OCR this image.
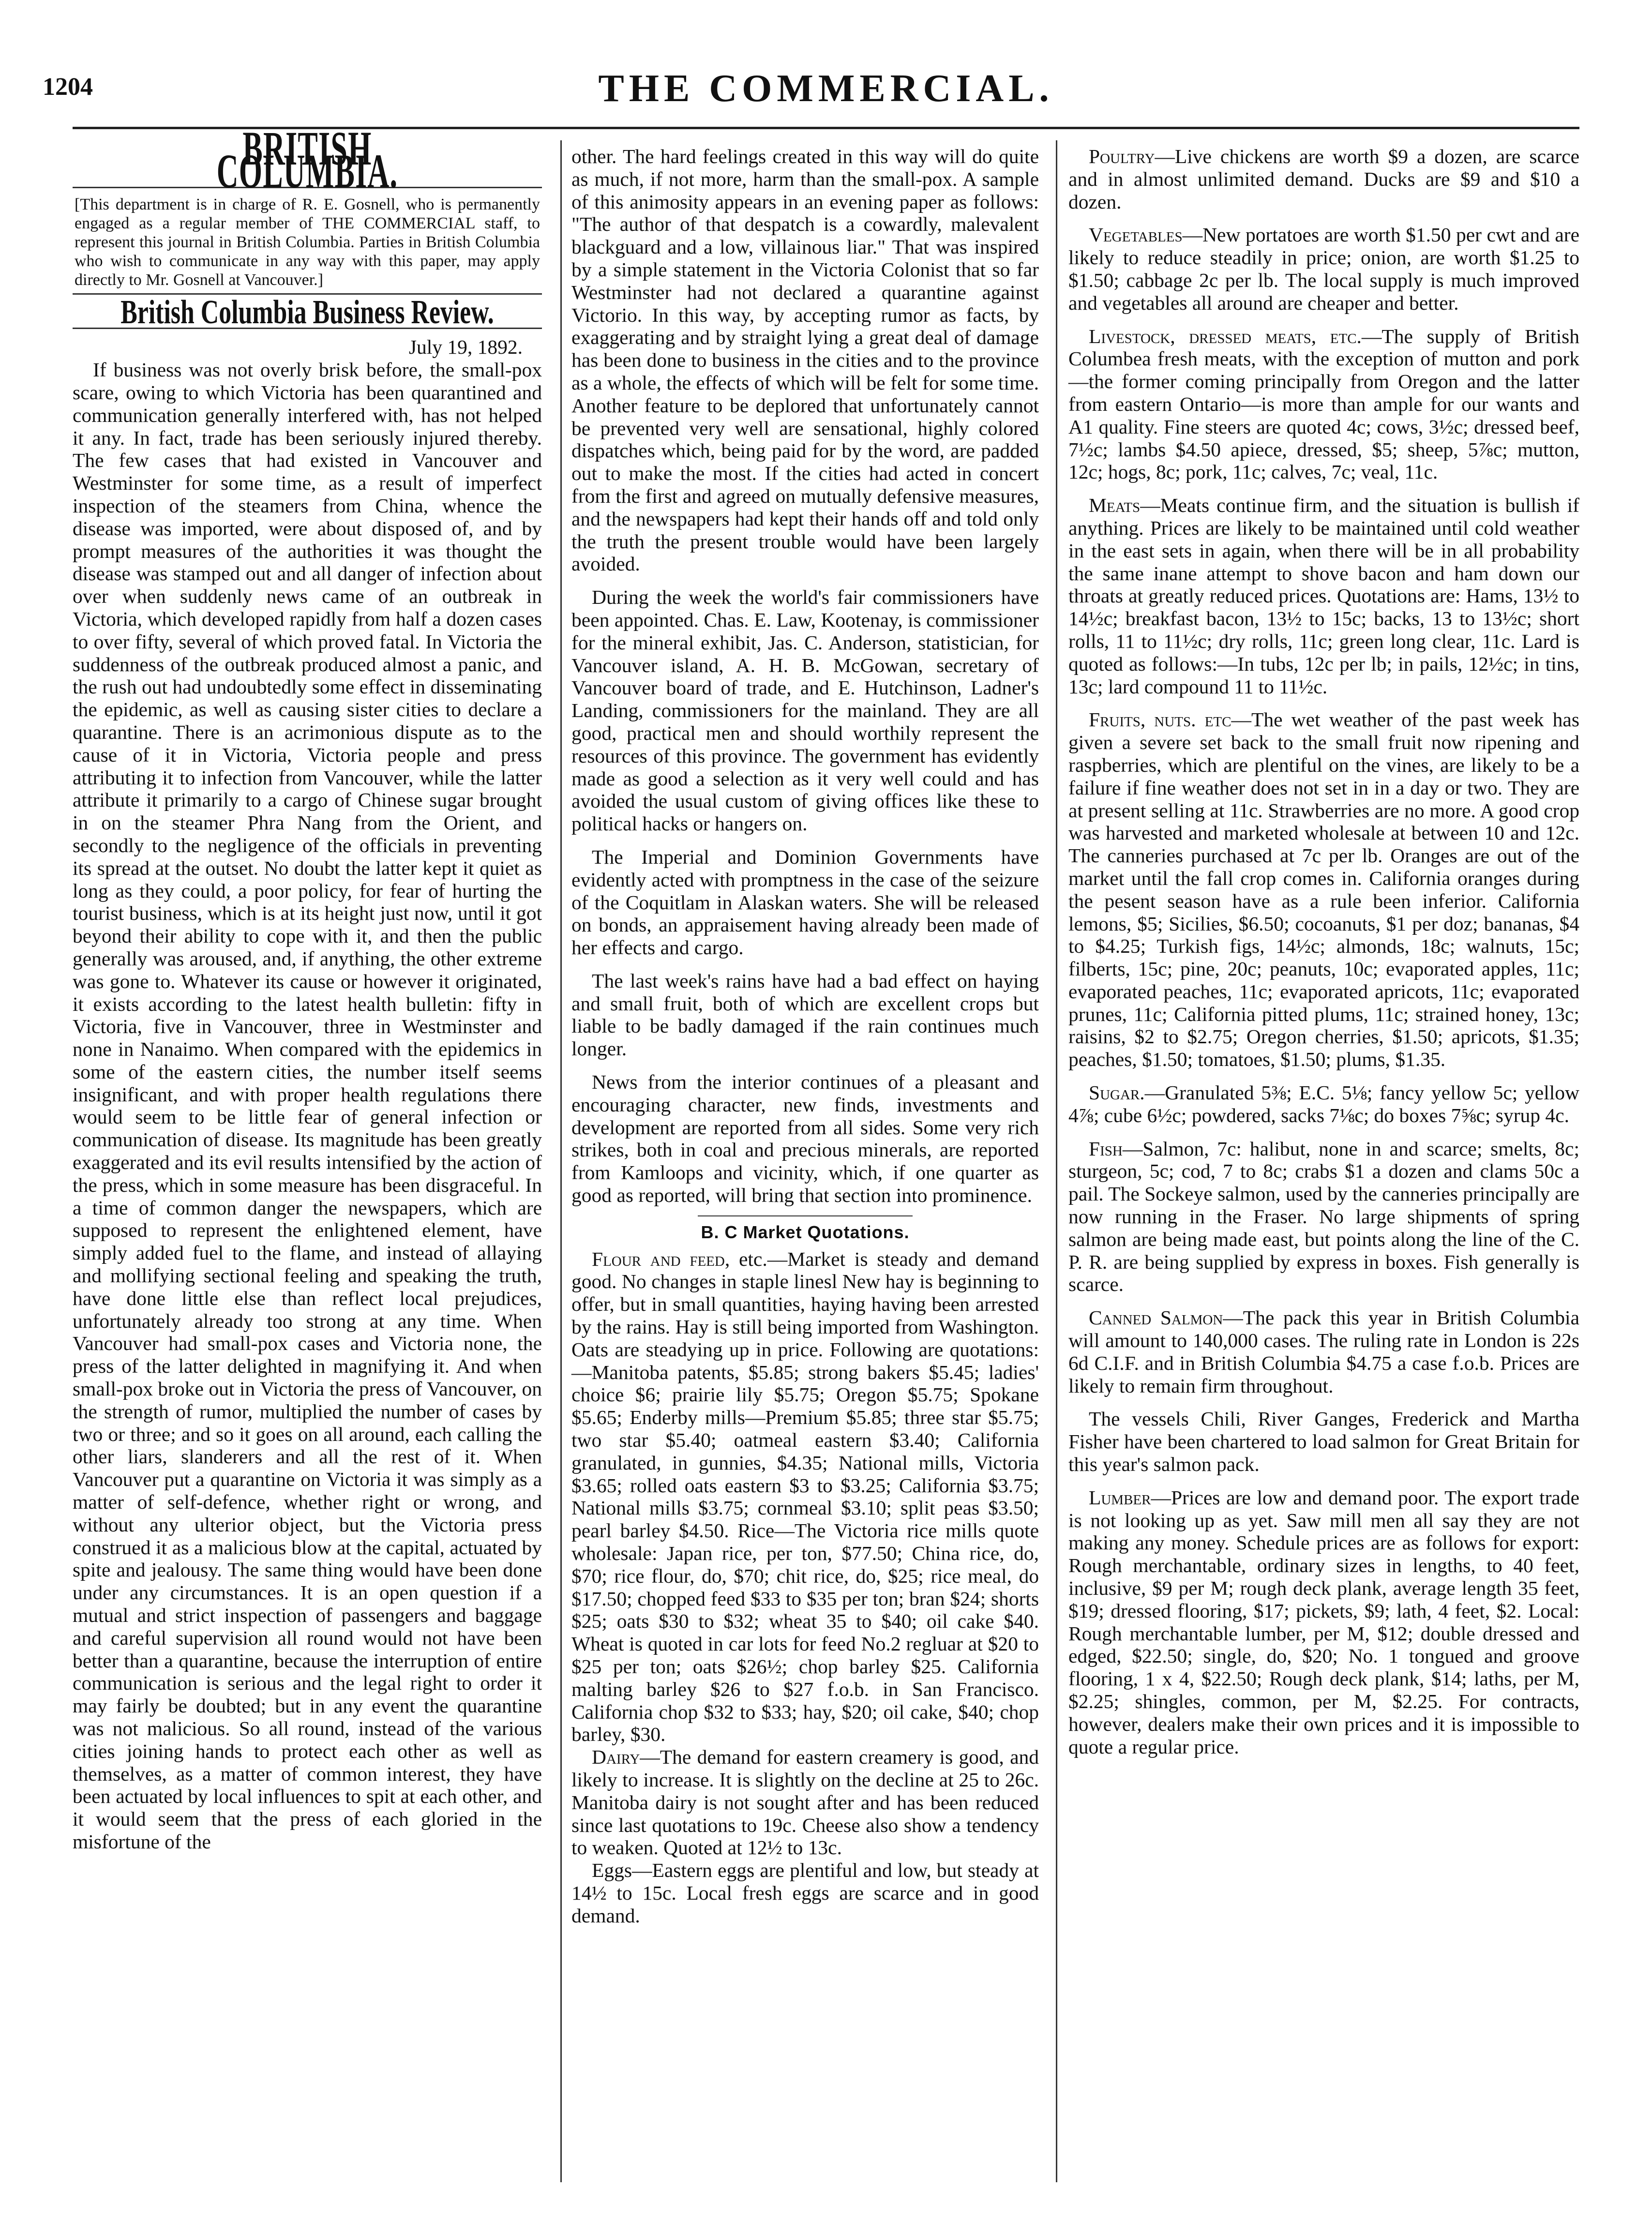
1204	THE COMMERCIAL.
BRITISH COLUMBIA.

[This department is in charge of R. E. Gosnell, who is permanently engaged as a regular member of THE COMMERCIAL staff, to represent this journal in British Columbia. Parties in British Columbia who wish to communicate in any way with this paper, may apply directly to Mr. Gosnell at Vancouver.]

British Columbia Business Review.

July 19, 1892.

If business was not overly brisk before, the small-pox scare, owing to which Victoria has been quarantined and communication generally interfered with, has not helped it any. In fact, trade has been seriously injured thereby. The few cases that had existed in Vancouver and Westminster for some time, as a result of imperfect inspection of the steamers from China, whence the disease was imported, were about disposed of, and by prompt measures of the authorities it was thought the disease was stamped out and all danger of infection about over when suddenly news came of an outbreak in Victoria, which developed rapidly from half a dozen cases to over fifty, several of which proved fatal. In Victoria the suddenness of the outbreak produced almost a panic, and the rush out had undoubtedly some effect in disseminating the epidemic, as well as causing sister cities to declare a quarantine. There is an acrimonious dispute as to the cause of it in Victoria, Victoria people and press attributing it to infection from Vancouver, while the latter attribute it primarily to a cargo of Chinese sugar brought in on the steamer Phra Nang from the Orient, and secondly to the negligence of the officials in preventing its spread at the outset. No doubt the latter kept it quiet as long as they could, a poor policy, for fear of hurting the tourist business, which is at its height just now, until it got beyond their ability to cope with it, and then the public generally was aroused, and, if anything, the other extreme was gone to. Whatever its cause or however it originated, it exists according to the latest health bulletin: fifty in Victoria, five in Vancouver, three in Westminster and none in Nanaimo. When compared with the epidemics in some of the eastern cities, the number itself seems insignificant, and with proper health regulations there would seem to be little fear of general infection or communication of disease. Its magnitude has been greatly exaggerated and its evil results intensified by the action of the press, which in some measure has been disgraceful. In a time of common danger the newspapers, which are supposed to represent the enlightened element, have simply added fuel to the flame, and instead of allaying and mollifying sectional feeling and speaking the truth, have done little else than reflect local prejudices, unfortunately already too strong at any time. When Vancouver had small-pox cases and Victoria none, the press of the latter delighted in magnifying it. And when small-pox broke out in Victoria the press of Vancouver, on the strength of rumor, multiplied the number of cases by two or three; and so it goes on all around, each calling the other liars, slanderers and all the rest of it. When Vancouver put a quarantine on Victoria it was simply as a matter of self-defence, whether right or wrong, and without any ulterior object, but the Victoria press construed it as a malicious blow at the capital, actuated by spite and jealousy. The same thing would have been done under any circumstances. It is an open question if a mutual and strict inspection of passengers and baggage and careful supervision all round would not have been better than a quarantine, because the interruption of entire communication is serious and the legal right to order it may fairly be doubted; but in any event the quarantine was not malicious. So all round, instead of the various cities joining hands to protect each other as well as themselves, as a matter of common interest, they have been actuated by local influences to spit at each other, and it would seem that the press of each gloried in the misfortune of the

other. The hard feelings created in this way will do quite as much, if not more, harm than the small-pox. A sample of this animosity appears in an evening paper as follows: "The author of that despatch is a cowardly, malevalent blackguard and a low, villainous liar." That was inspired by a simple statement in the Victoria Colonist that so far Westminster had not declared a quarantine against Victorio. In this way, by accepting rumor as facts, by exaggerating and by straight lying a great deal of damage has been done to business in the cities and to the province as a whole, the effects of which will be felt for some time. Another feature to be deplored that unfortunately cannot be prevented very well are sensational, highly colored dispatches which, being paid for by the word, are padded out to make the most. If the cities had acted in concert from the first and agreed on mutually defensive measures, and the newspapers had kept their hands off and told only the truth the present trouble would have been largely avoided.

During the week the world's fair commissioners have been appointed. Chas. E. Law, Kootenay, is commissioner for the mineral exhibit, Jas. C. Anderson, statistician, for Vancouver island, A. H. B. McGowan, secretary of Vancouver board of trade, and E. Hutchinson, Ladner's Landing, commissioners for the mainland. They are all good, practical men and should worthily represent the resources of this province. The government has evidently made as good a selection as it very well could and has avoided the usual custom of giving offices like these to political hacks or hangers on.

The Imperial and Dominion Governments have evidently acted with promptness in the case of the seizure of the Coquitlam in Alaskan waters. She will be released on bonds, an appraisement having already been made of her effects and cargo.

The last week's rains have had a bad effect on haying and small fruit, both of which are excellent crops but liable to be badly damaged if the rain continues much longer.

News from the interior continues of a pleasant and encouraging character, new finds, investments and development are reported from all sides. Some very rich strikes, both in coal and precious minerals, are reported from Kamloops and vicinity, which, if one quarter as good as reported, will bring that section into prominence.

B. C Market Quotations.

Flour and feed, etc.—Market is steady and demand good. No changes in staple linesl New hay is beginning to offer, but in small quantities, haying having been arrested by the rains. Hay is still being imported from Washington. Oats are steadying up in price. Following are quotations:—Manitoba patents, $5.85; strong bakers $5.45; ladies' choice $6; prairie lily $5.75; Oregon $5.75; Spokane $5.65; Enderby mills—Premium $5.85; three star $5.75; two star $5.40; oatmeal eastern $3.40; California granulated, in gunnies, $4.35; National mills, Victoria $3.65; rolled oats eastern $3 to $3.25; California $3.75; National mills $3.75; cornmeal $3.10; split peas $3.50; pearl barley $4.50. Rice—The Victoria rice mills quote wholesale: Japan rice, per ton, $77.50; China rice, do, $70; rice flour, do, $70; chit rice, do, $25; rice meal, do $17.50; chopped feed $33 to $35 per ton; bran $24; shorts $25; oats $30 to $32; wheat 35 to $40; oil cake $40. Wheat is quoted in car lots for feed No.2 regluar at $20 to $25 per ton; oats $26½; chop barley $25. California malting barley $26 to $27 f.o.b. in San Francisco. California chop $32 to $33; hay, $20; oil cake, $40; chop barley, $30.

Dairy—The demand for eastern creamery is good, and likely to increase. It is slightly on the decline at 25 to 26c. Manitoba dairy is not sought after and has been reduced since last quotations to 19c. Cheese also show a tendency to weaken. Quoted at 12½ to 13c.

Eggs—Eastern eggs are plentiful and low, but steady at 14½ to 15c. Local fresh eggs are scarce and in good demand.

Poultry—Live chickens are worth $9 a dozen, are scarce and in almost unlimited demand. Ducks are $9 and $10 a dozen.

Vegetables—New portatoes are worth $1.50 per cwt and are likely to reduce steadily in price; onion, are worth $1.25 to $1.50; cabbage 2c per lb. The local supply is much improved and vegetables all around are cheaper and better.

Livestock, dressed meats, etc.—The supply of British Columbea fresh meats, with the exception of mutton and pork—the former coming principally from Oregon and the latter from eastern Ontario—is more than ample for our wants and A1 quality. Fine steers are quoted 4c; cows, 3½c; dressed beef, 7½c; lambs $4.50 apiece, dressed, $5; sheep, 5⅞c; mutton, 12c; hogs, 8c; pork, 11c; calves, 7c; veal, 11c.

Meats—Meats continue firm, and the situation is bullish if anything. Prices are likely to be maintained until cold weather in the east sets in again, when there will be in all probability the same inane attempt to shove bacon and ham down our throats at greatly reduced prices. Quotations are: Hams, 13½ to 14½c; breakfast bacon, 13½ to 15c; backs, 13 to 13½c; short rolls, 11 to 11½c; dry rolls, 11c; green long clear, 11c. Lard is quoted as follows:—In tubs, 12c per lb; in pails, 12½c; in tins, 13c; lard compound 11 to 11½c.

Fruits, nuts. etc—The wet weather of the past week has given a severe set back to the small fruit now ripening and raspberries, which are plentiful on the vines, are likely to be a failure if fine weather does not set in in a day or two. They are at present selling at 11c. Strawberries are no more. A good crop was harvested and marketed wholesale at between 10 and 12c. The canneries purchased at 7c per lb. Oranges are out of the market until the fall crop comes in. California oranges during the pesent season have as a rule been inferior. California lemons, $5; Sicilies, $6.50; cocoanuts, $1 per doz; bananas, $4 to $4.25; Turkish figs, 14½c; almonds, 18c; walnuts, 15c; filberts, 15c; pine, 20c; peanuts, 10c; evaporated apples, 11c; evaporated peaches, 11c; evaporated apricots, 11c; evaporated prunes, 11c; California pitted plums, 11c; strained honey, 13c; raisins, $2 to $2.75; Oregon cherries, $1.50; apricots, $1.35; peaches, $1.50; tomatoes, $1.50; plums, $1.35.

Sugar.—Granulated 5⅜; E.C. 5⅛; fancy yellow 5c; yellow 4⅞; cube 6½c; powdered, sacks 7⅛c; do boxes 7⅝c; syrup 4c.

Fish—Salmon, 7c: halibut, none in and scarce; smelts, 8c; sturgeon, 5c; cod, 7 to 8c; crabs $1 a dozen and clams 50c a pail. The Sockeye salmon, used by the canneries principally are now running in the Fraser. No large shipments of spring salmon are being made east, but points along the line of the C. P. R. are being supplied by express in boxes. Fish generally is scarce.

Canned Salmon—The pack this year in British Columbia will amount to 140,000 cases. The ruling rate in London is 22s 6d C.I.F. and in British Columbia $4.75 a case f.o.b. Prices are likely to remain firm throughout.

The vessels Chili, River Ganges, Frederick and Martha Fisher have been chartered to load salmon for Great Britain for this year's salmon pack.

Lumber—Prices are low and demand poor. The export trade is not looking up as yet. Saw mill men all say they are not making any money. Schedule prices are as follows for export: Rough merchantable, ordinary sizes in lengths, to 40 feet, inclusive, $9 per M; rough deck plank, average length 35 feet, $19; dressed flooring, $17; pickets, $9; lath, 4 feet, $2. Local: Rough merchantable lumber, per M, $12; double dressed and edged, $22.50; single, do, $20; No. 1 tongued and groove flooring, 1 x 4, $22.50; Rough deck plank, $14; laths, per M, $2.25; shingles, common, per M, $2.25. For contracts, however, dealers make their own prices and it is impossible to quote a regular price.
